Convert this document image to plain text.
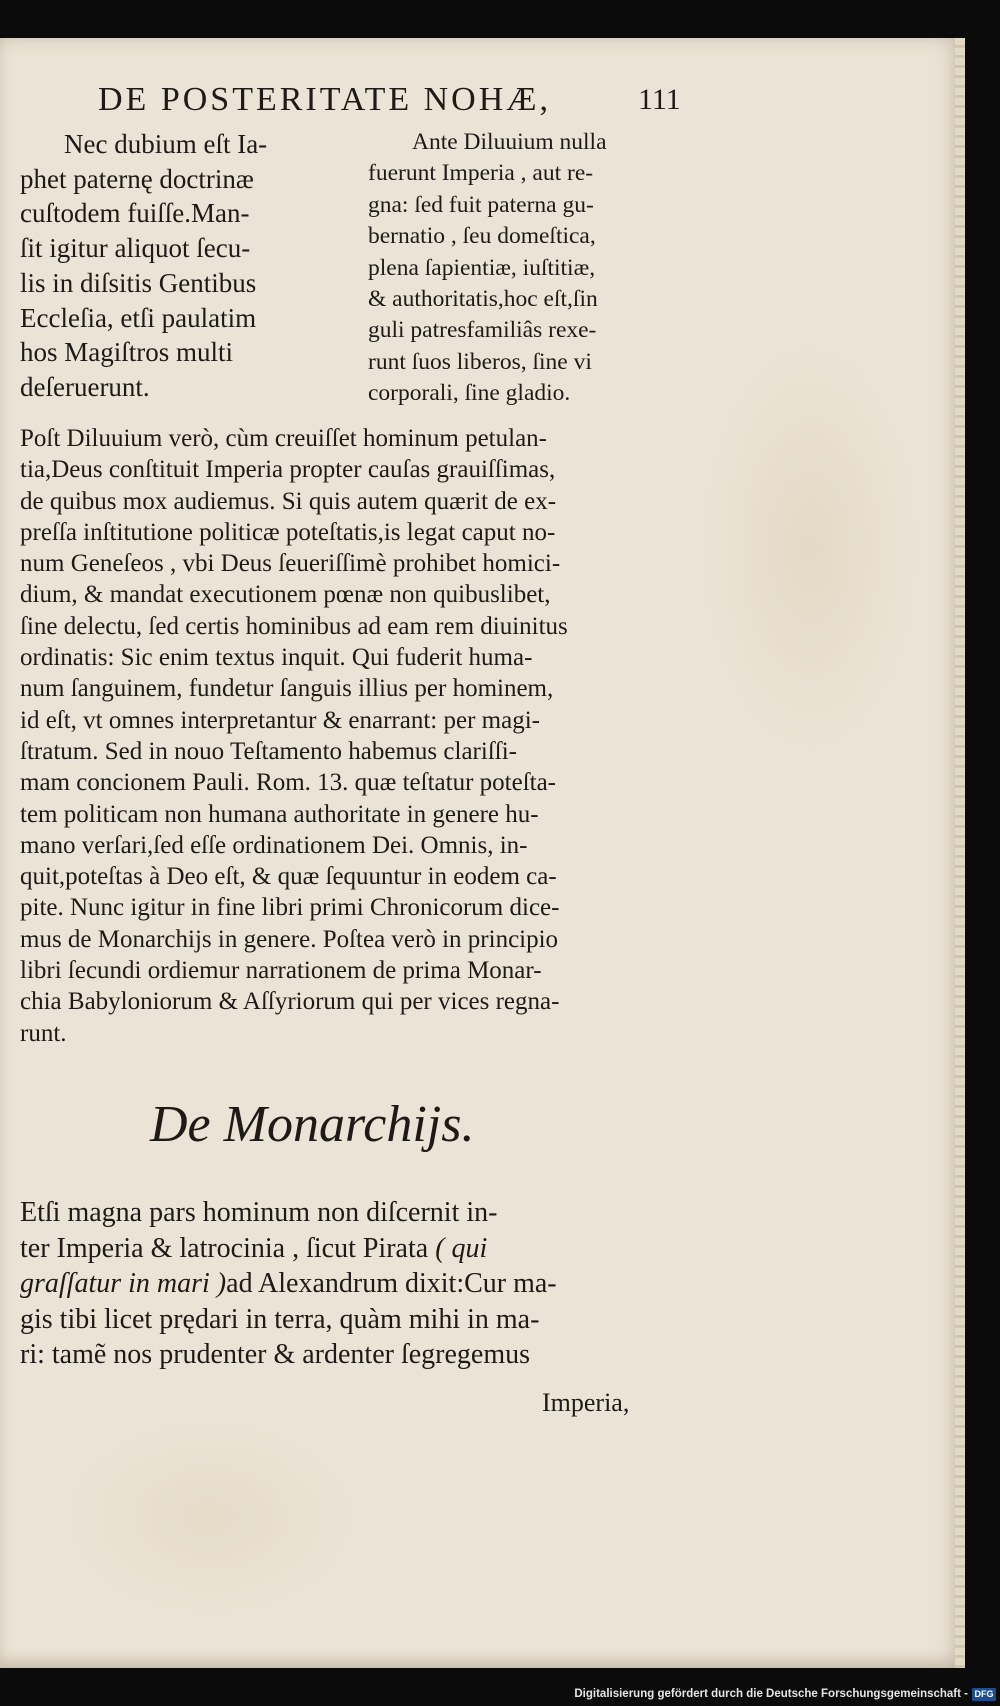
DE POSTERITATE NOHÆ,	111
Nec dubium eſt Ia-
phet paternę doctrinæ
cuſtodem fuiſſe.Man-
ſit igitur aliquot ſecu-
lis in diſsitis Gentibus
Eccleſia, etſi paulatim
hos Magiſtros multi
deſeruerunt.
Ante Diluuium nulla
fuerunt Imperia , aut re-
gna: ſed fuit paterna gu-
bernatio , ſeu domeſtica,
plena ſapientiæ, iuſtitiæ,
& authoritatis,hoc eſt,ſin
guli patresfamiliâs rexe-
runt ſuos liberos, ſine vi
corporali, ſine gladio.
Poſt Diluuium verò, cùm creuiſſet hominum petulan-
tia,Deus conſtituit Imperia propter cauſas grauiſſimas,
de quibus mox audiemus. Si quis autem quærit de ex-
preſſa inſtitutione politicæ poteſtatis,is legat caput no-
num Geneſeos , vbi Deus ſeueriſſimè prohibet homici-
dium, & mandat executionem pœnæ non quibuslibet,
ſine delectu, ſed certis hominibus ad eam rem diuinitus
ordinatis: Sic enim textus inquit. Qui fuderit huma-
num ſanguinem, fundetur ſanguis illius per hominem,
id eſt, vt omnes interpretantur & enarrant: per magi-
ſtratum. Sed in nouo Teſtamento habemus clariſſi-
mam concionem Pauli. Rom. 13. quæ teſtatur poteſta-
tem politicam non humana authoritate in genere hu-
mano verſari,ſed eſſe ordinationem Dei. Omnis, in-
quit,poteſtas à Deo eſt, & quæ ſequuntur in eodem ca-
pite. Nunc igitur in fine libri primi Chronicorum dice-
mus de Monarchijs in genere. Poſtea verò in principio
libri ſecundi ordiemur narrationem de prima Monar-
chia Babyloniorum & Aſſyriorum qui per vices regna-
runt.
De Monarchijs.
Etſi magna pars hominum non diſcernit in-
ter Imperia & latrocinia , ſicut Pirata ( qui
graſſatur in mari )ad Alexandrum dixit:Cur ma-
gis tibi licet prędari in terra, quàm mihi in ma-
ri: tamẽ nos prudenter & ardenter ſegregemus
Imperia,
Digitalisierung gefördert durch die Deutsche Forschungsgemeinschaft - DFG
